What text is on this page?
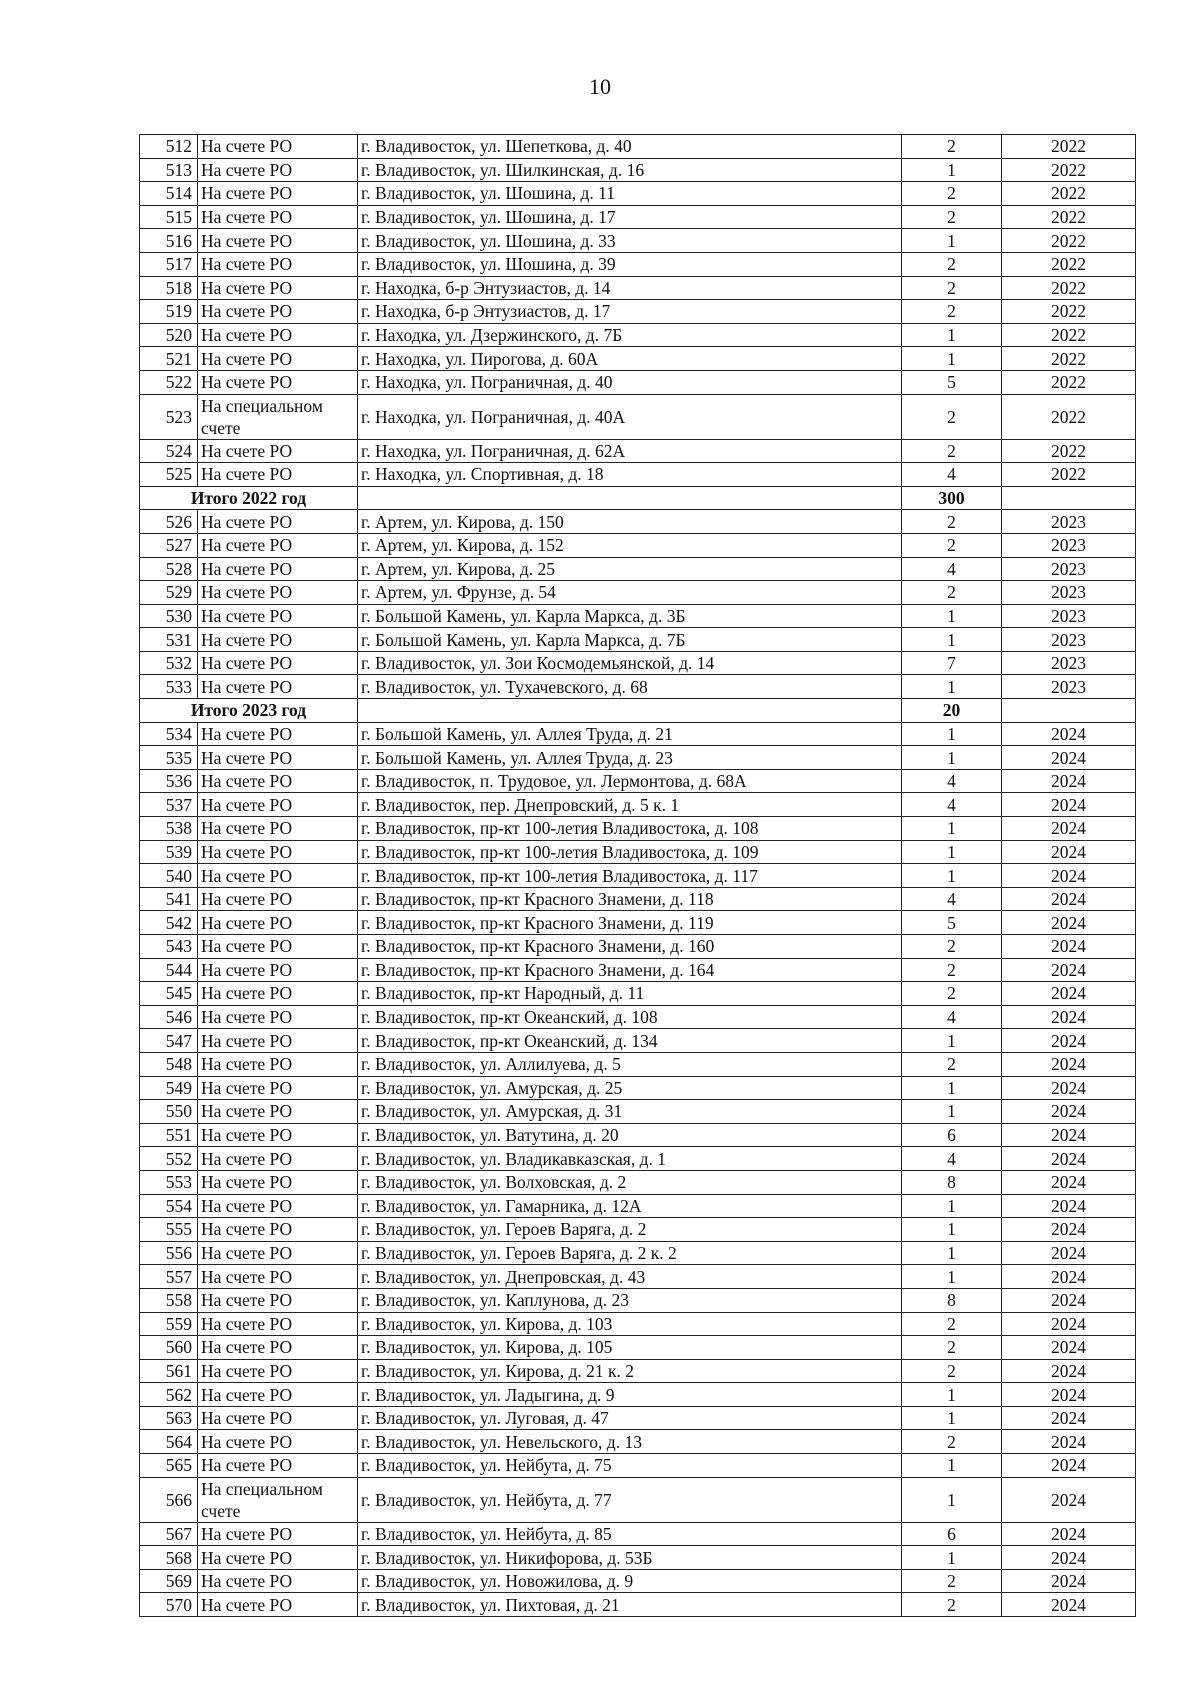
10
512	На счете РО	г. Владивосток, ул. Шепеткова, д. 40	2	2022
513	На счете РО	г. Владивосток, ул. Шилкинская, д. 16	1	2022
514	На счете РО	г. Владивосток, ул. Шошина, д. 11	2	2022
515	На счете РО	г. Владивосток, ул. Шошина, д. 17	2	2022
516	На счете РО	г. Владивосток, ул. Шошина, д. 33	1	2022
517	На счете РО	г. Владивосток, ул. Шошина, д. 39	2	2022
518	На счете РО	г. Находка, б-р Энтузиастов, д. 14	2	2022
519	На счете РО	г. Находка, б-р Энтузиастов, д. 17	2	2022
520	На счете РО	г. Находка, ул. Дзержинского, д. 7Б	1	2022
521	На счете РО	г. Находка, ул. Пирогова, д. 60А	1	2022
522	На счете РО	г. Находка, ул. Пограничная, д. 40	5	2022
523	На специальном счете	г. Находка, ул. Пограничная, д. 40А	2	2022
524	На счете РО	г. Находка, ул. Пограничная, д. 62А	2	2022
525	На счете РО	г. Находка, ул. Спортивная, д. 18	4	2022
Итого 2022 год			300	
526	На счете РО	г. Артем, ул. Кирова, д. 150	2	2023
527	На счете РО	г. Артем, ул. Кирова, д. 152	2	2023
528	На счете РО	г. Артем, ул. Кирова, д. 25	4	2023
529	На счете РО	г. Артем, ул. Фрунзе, д. 54	2	2023
530	На счете РО	г. Большой Камень, ул. Карла Маркса, д. 3Б	1	2023
531	На счете РО	г. Большой Камень, ул. Карла Маркса, д. 7Б	1	2023
532	На счете РО	г. Владивосток, ул. Зои Космодемьянской, д. 14	7	2023
533	На счете РО	г. Владивосток, ул. Тухачевского, д. 68	1	2023
Итого 2023 год			20	
534	На счете РО	г. Большой Камень, ул. Аллея Труда, д. 21	1	2024
535	На счете РО	г. Большой Камень, ул. Аллея Труда, д. 23	1	2024
536	На счете РО	г. Владивосток, п. Трудовое, ул. Лермонтова, д. 68А	4	2024
537	На счете РО	г. Владивосток, пер. Днепровский, д. 5 к. 1	4	2024
538	На счете РО	г. Владивосток, пр-кт 100-летия Владивостока, д. 108	1	2024
539	На счете РО	г. Владивосток, пр-кт 100-летия Владивостока, д. 109	1	2024
540	На счете РО	г. Владивосток, пр-кт 100-летия Владивостока, д. 117	1	2024
541	На счете РО	г. Владивосток, пр-кт Красного Знамени, д. 118	4	2024
542	На счете РО	г. Владивосток, пр-кт Красного Знамени, д. 119	5	2024
543	На счете РО	г. Владивосток, пр-кт Красного Знамени, д. 160	2	2024
544	На счете РО	г. Владивосток, пр-кт Красного Знамени, д. 164	2	2024
545	На счете РО	г. Владивосток, пр-кт Народный, д. 11	2	2024
546	На счете РО	г. Владивосток, пр-кт Океанский, д. 108	4	2024
547	На счете РО	г. Владивосток, пр-кт Океанский, д. 134	1	2024
548	На счете РО	г. Владивосток, ул. Аллилуева, д. 5	2	2024
549	На счете РО	г. Владивосток, ул. Амурская, д. 25	1	2024
550	На счете РО	г. Владивосток, ул. Амурская, д. 31	1	2024
551	На счете РО	г. Владивосток, ул. Ватутина, д. 20	6	2024
552	На счете РО	г. Владивосток, ул. Владикавказская, д. 1	4	2024
553	На счете РО	г. Владивосток, ул. Волховская, д. 2	8	2024
554	На счете РО	г. Владивосток, ул. Гамарника, д. 12А	1	2024
555	На счете РО	г. Владивосток, ул. Героев Варяга, д. 2	1	2024
556	На счете РО	г. Владивосток, ул. Героев Варяга, д. 2 к. 2	1	2024
557	На счете РО	г. Владивосток, ул. Днепровская, д. 43	1	2024
558	На счете РО	г. Владивосток, ул. Каплунова, д. 23	8	2024
559	На счете РО	г. Владивосток, ул. Кирова, д. 103	2	2024
560	На счете РО	г. Владивосток, ул. Кирова, д. 105	2	2024
561	На счете РО	г. Владивосток, ул. Кирова, д. 21 к. 2	2	2024
562	На счете РО	г. Владивосток, ул. Ладыгина, д. 9	1	2024
563	На счете РО	г. Владивосток, ул. Луговая, д. 47	1	2024
564	На счете РО	г. Владивосток, ул. Невельского, д. 13	2	2024
565	На счете РО	г. Владивосток, ул. Нейбута, д. 75	1	2024
566	На специальном счете	г. Владивосток, ул. Нейбута, д. 77	1	2024
567	На счете РО	г. Владивосток, ул. Нейбута, д. 85	6	2024
568	На счете РО	г. Владивосток, ул. Никифорова, д. 53Б	1	2024
569	На счете РО	г. Владивосток, ул. Новожилова, д. 9	2	2024
570	На счете РО	г. Владивосток, ул. Пихтовая, д. 21	2	2024
